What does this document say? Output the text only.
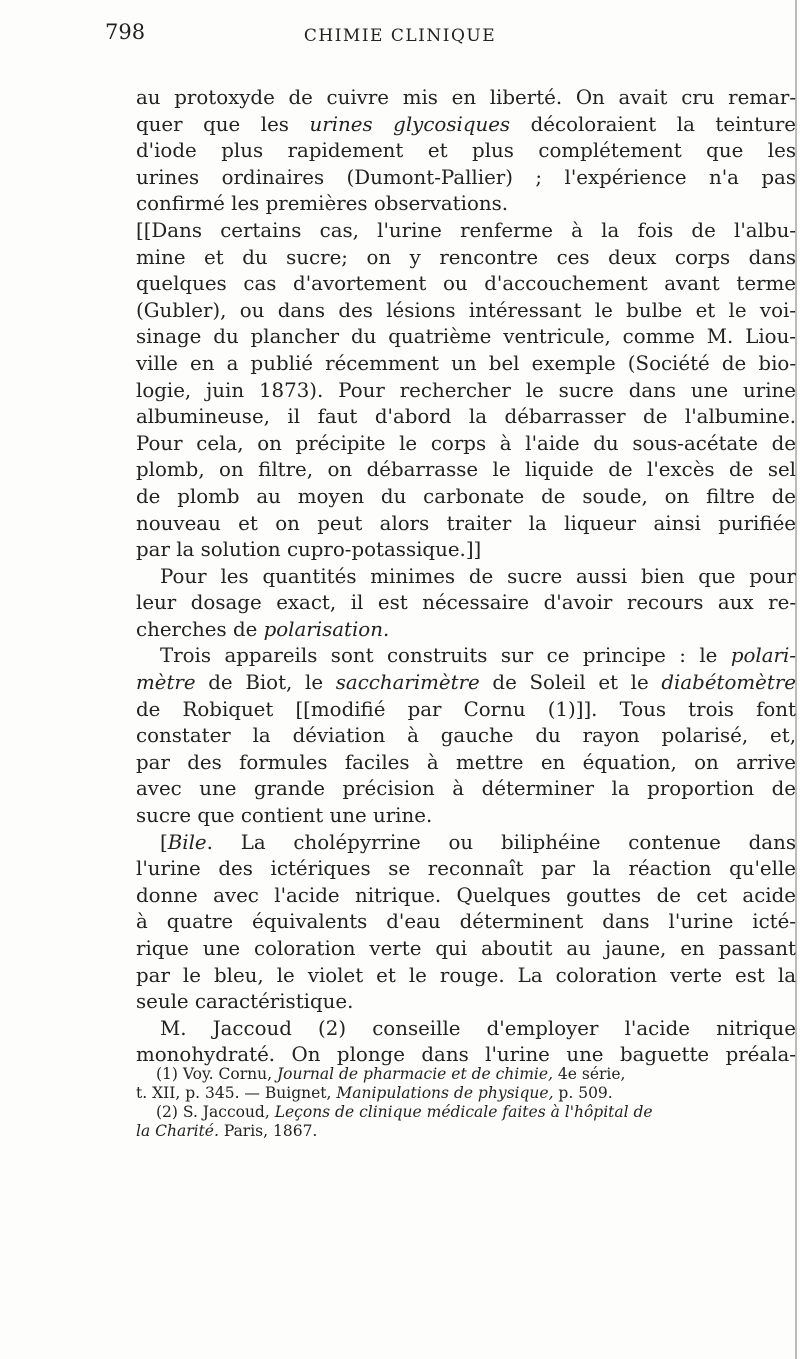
798	CHIMIE CLINIQUE
au protoxyde de cuivre mis en liberté. On avait cru remar-
quer que les urines glycosiques décoloraient la teinture
d'iode plus rapidement et plus complétement que les
urines ordinaires (Dumont-Pallier) ; l'expérience n'a pas
confirmé les premières observations.
[[Dans certains cas, l'urine renferme à la fois de l'albu-
mine et du sucre; on y rencontre ces deux corps dans
quelques cas d'avortement ou d'accouchement avant terme
(Gubler), ou dans des lésions intéressant le bulbe et le voi-
sinage du plancher du quatrième ventricule, comme M. Liou-
ville en a publié récemment un bel exemple (Société de bio-
logie, juin 1873). Pour rechercher le sucre dans une urine
albumineuse, il faut d'abord la débarrasser de l'albumine.
Pour cela, on précipite le corps à l'aide du sous-acétate de
plomb, on filtre, on débarrasse le liquide de l'excès de sel
de plomb au moyen du carbonate de soude, on filtre de
nouveau et on peut alors traiter la liqueur ainsi purifiée
par la solution cupro-potassique.]]
Pour les quantités minimes de sucre aussi bien que pour
leur dosage exact, il est nécessaire d'avoir recours aux re-
cherches de polarisation.
Trois appareils sont construits sur ce principe : le polari-
mètre de Biot, le saccharimètre de Soleil et le diabétomètre
de Robiquet [[modifié par Cornu (1)]]. Tous trois font
constater la déviation à gauche du rayon polarisé, et,
par des formules faciles à mettre en équation, on arrive
avec une grande précision à déterminer la proportion de
sucre que contient une urine.
[Bile. La cholépyrrine ou biliphéine contenue dans
l'urine des ictériques se reconnaît par la réaction qu'elle
donne avec l'acide nitrique. Quelques gouttes de cet acide
à quatre équivalents d'eau déterminent dans l'urine icté-
rique une coloration verte qui aboutit au jaune, en passant
par le bleu, le violet et le rouge. La coloration verte est la
seule caractéristique.
M. Jaccoud (2) conseille d'employer l'acide nitrique
monohydraté. On plonge dans l'urine une baguette préala-
(1) Voy. Cornu, Journal de pharmacie et de chimie, 4e série,
t. XII, p. 345. — Buignet, Manipulations de physique, p. 509.
(2) S. Jaccoud, Leçons de clinique médicale faites à l'hôpital de
la Charité. Paris, 1867.
